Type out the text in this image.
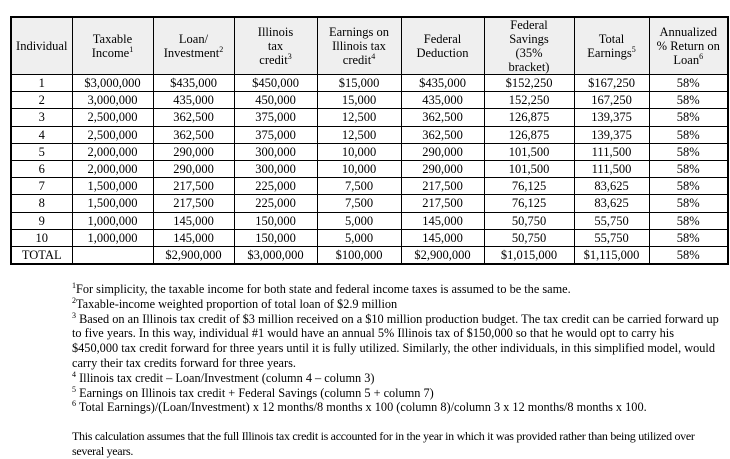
Individual	Taxable Income$^1$	Loan/ Investment$^2$	Illinois tax credit$^3$	Earnings on Illinois tax credit$^4$	Federal Deduction	Federal Savings (35% bracket)	Total Earnings$^5$	Annualized % Return on Loan$^6$
1	$3,000,000	$435,000	$450,000	$15,000	$435,000	$152,250	$167,250	58%
2	3,000,000	435,000	450,000	15,000	435,000	152,250	167,250	58%
3	2,500,000	362,500	375,000	12,500	362,500	126,875	139,375	58%
4	2,500,000	362,500	375,000	12,500	362,500	126,875	139,375	58%
5	2,000,000	290,000	300,000	10,000	290,000	101,500	111,500	58%
6	2,000,000	290,000	300,000	10,000	290,000	101,500	111,500	58%
7	1,500,000	217,500	225,000	7,500	217,500	76,125	83,625	58%
8	1,500,000	217,500	225,000	7,500	217,500	76,125	83,625	58%
9	1,000,000	145,000	150,000	5,000	145,000	50,750	55,750	58%
10	1,000,000	145,000	150,000	5,000	145,000	50,750	55,750	58%
TOTAL		$2,900,000	$3,000,000	$100,000	$2,900,000	$1,015,000	$1,115,000	58%

$^1$For simplicity, the taxable income for both state and federal income taxes is assumed to be the same.

$^2$Taxable-income weighted proportion of total loan of $2.9 million

$^3$ Based on an Illinois tax credit of $3 million received on a $10 million production budget. The tax credit can be carried forward up to five years. In this way, individual #1 would have an annual 5% Illinois tax of $150,000 so that he would opt to carry his $450,000 tax credit forward for three years until it is fully utilized. Similarly, the other individuals, in this simplified model, would carry their tax credits forward for three years.

$^4$ Illinois tax credit – Loan/Investment (column 4 – column 3)

$^5$ Earnings on Illinois tax credit + Federal Savings (column 5 + column 7)

$^6$ Total Earnings)/(Loan/Investment) x 12 months/8 months x 100 (column 8)/column 3 x 12 months/8 months x 100.

This calculation assumes that the full Illinois tax credit is accounted for in the year in which it was provided rather than being utilized over several years.
